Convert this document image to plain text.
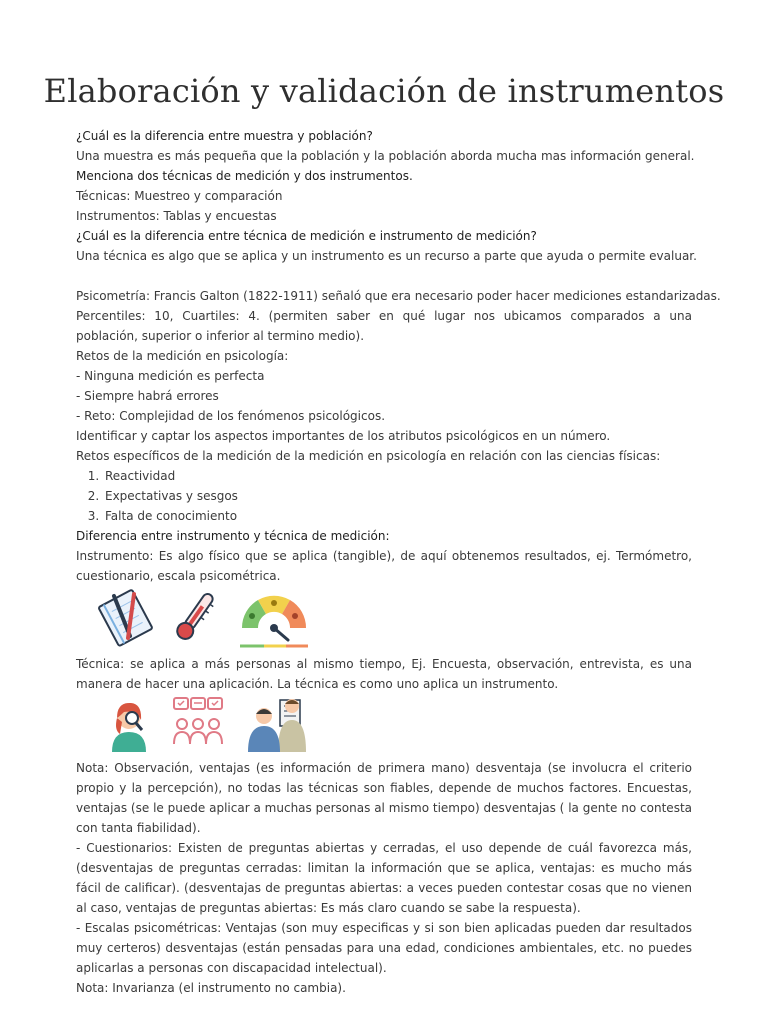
Elaboración y validación de instrumentos

¿Cuál es la diferencia entre muestra y población?

Una muestra es más pequeña que la población y la población aborda mucha mas información general.

Menciona dos técnicas de medición y dos instrumentos.

Técnicas: Muestreo y comparación

Instrumentos: Tablas y encuestas

¿Cuál es la diferencia entre técnica de medición e instrumento de medición?

Una técnica es algo que se aplica y un instrumento es un recurso a parte que ayuda o permite evaluar.

Psicometría: Francis Galton (1822-1911) señaló que era necesario poder hacer mediciones estandarizadas.

Percentiles: 10, Cuartiles: 4. (permiten saber en qué lugar nos ubicamos comparados a una población, superior o inferior al termino medio).

Retos de la medición en psicología:

- Ninguna medición es perfecta

- Siempre habrá errores

- Reto: Complejidad de los fenómenos psicológicos.

Identificar y captar los aspectos importantes de los atributos psicológicos en un número.

Retos específicos de la medición de la medición en psicología en relación con las ciencias físicas:

1. Reactividad
2. Expectativas y sesgos
3. Falta de conocimiento

Diferencia entre instrumento y técnica de medición:

Instrumento: Es algo físico que se aplica (tangible), de aquí obtenemos resultados, ej. Termómetro, cuestionario, escala psicométrica.

Técnica: se aplica a más personas al mismo tiempo, Ej. Encuesta, observación, entrevista, es una manera de hacer una aplicación. La técnica es como uno aplica un instrumento.

Nota: Observación, ventajas (es información de primera mano) desventaja (se involucra el criterio propio y la percepción), no todas las técnicas son fiables, depende de muchos factores. Encuestas, ventajas (se le puede aplicar a muchas personas al mismo tiempo) desventajas ( la gente no contesta con tanta fiabilidad).

- Cuestionarios: Existen de preguntas abiertas y cerradas, el uso depende de cuál favorezca más, (desventajas de preguntas cerradas: limitan la información que se aplica, ventajas: es mucho más fácil de calificar). (desventajas de preguntas abiertas: a veces pueden contestar cosas que no vienen al caso, ventajas de preguntas abiertas: Es más claro cuando se sabe la respuesta).

- Escalas psicométricas: Ventajas (son muy especificas y si son bien aplicadas pueden dar resultados muy certeros) desventajas (están pensadas para una edad, condiciones ambientales, etc. no puedes aplicarlas a personas con discapacidad intelectual).

Nota: Invarianza (el instrumento no cambia).
